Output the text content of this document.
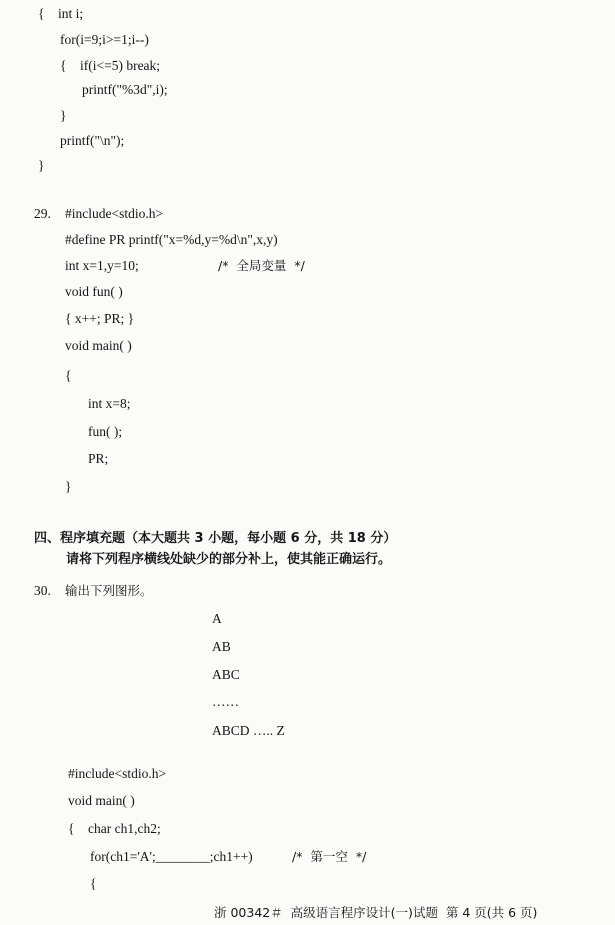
{    int i;
for(i=9;i>=1;i--)
{    if(i<=5) break;
printf("%3d",i);
}
printf("\n");
}
29. #include<stdio.h>
#define PR printf("x=%d,y=%d\n",x,y)
int x=1,y=10;	/*  全局变量  */
void fun( )
{ x++; PR; }
void main( )
{
int x=8;
fun( );
PR;
}
四、程序填充题（本大题共 3 小题，每小题 6 分，共 18 分）
请将下列程序横线处缺少的部分补上，使其能正确运行。
30. 输出下列图形。
A
AB
ABC
……
ABCD ….. Z
#include<stdio.h>
void main( )
{    char ch1,ch2;
for(ch1='A';________;ch1++)	/*  第一空  */
{
浙 00342＃  高级语言程序设计(一)试题  第 4 页(共 6 页)
